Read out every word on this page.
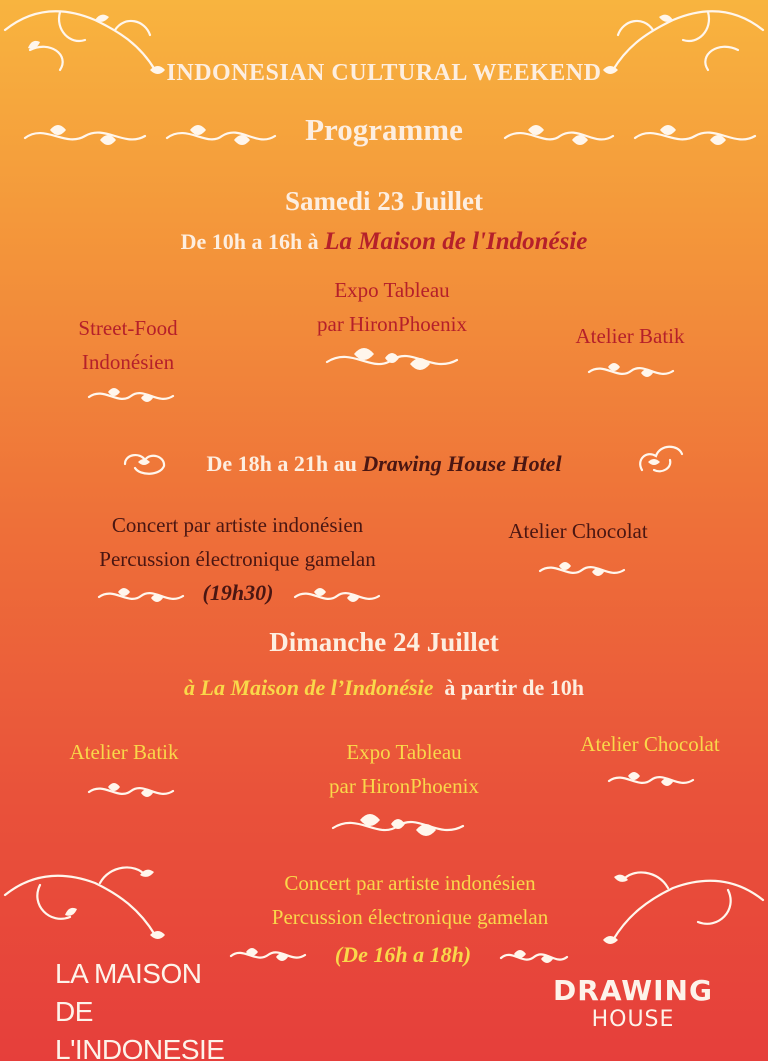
INDONESIAN CULTURAL WEEKEND
Programme
Samedi 23 Juillet
De 10h a 16h à La Maison de l'Indonésie
Street-Food
Indonésien
Expo Tableau
par HironPhoenix	Atelier Batik
De 18h a 21h au Drawing House Hotel
Concert par artiste indonésien
Percussion électronique gamelan
(19h30)
Atelier Chocolat
Dimanche 24 Juillet
à La Maison de l’Indonésie à partir de 10h
Atelier Batik	Expo Tableau
par HironPhoenix
Atelier Chocolat
Concert par artiste indonésien
Percussion électronique gamelan
(De 16h a 18h)
LA MAISON DE
L'INDONESIE
DRAWING
HOUSE
